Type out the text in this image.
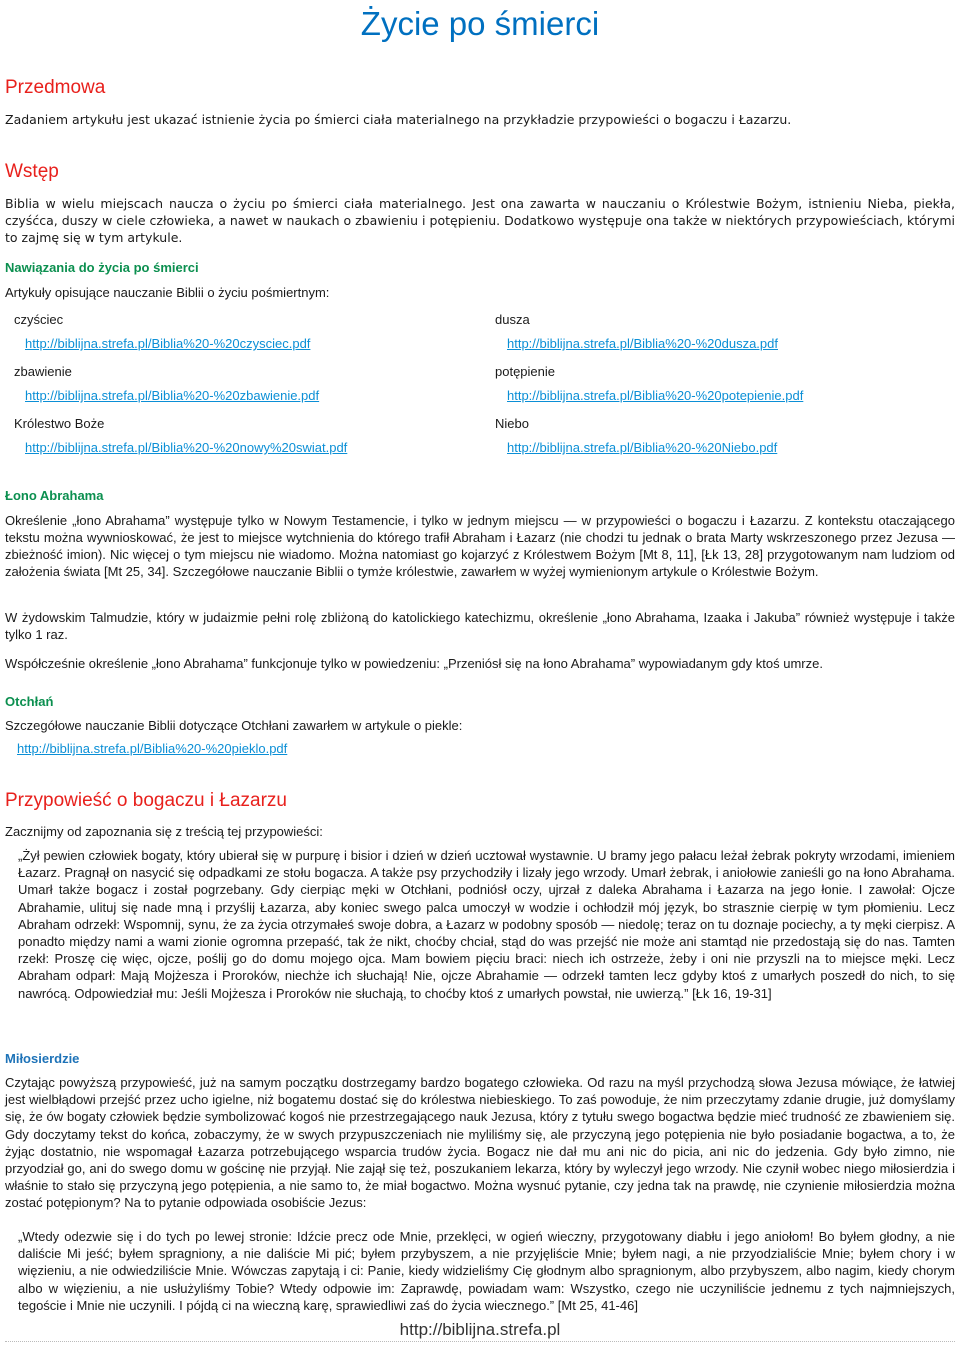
Życie po śmierci
Przedmowa
Zadaniem artykułu jest ukazać istnienie życia po śmierci ciała materialnego na przykładzie przypowieści o bogaczu i Łazarzu.
Wstęp
Biblia w wielu miejscach naucza o życiu po śmierci ciała materialnego. Jest ona zawarta w nauczaniu o Królestwie Bożym, istnieniu Nieba, piekła, czyśćca, duszy w ciele człowieka, a nawet w naukach o zbawieniu i potępieniu. Dodatkowo występuje ona także w niektórych przypowieściach, którymi to zajmę się w tym artykule.
Nawiązania do życia po śmierci
Artykuły opisujące nauczanie Biblii o życiu pośmiertnym:
czyściec
http://biblijna.strefa.pl/Biblia%20-%20czysciec.pdf
zbawienie
http://biblijna.strefa.pl/Biblia%20-%20zbawienie.pdf
Królestwo Boże
http://biblijna.strefa.pl/Biblia%20-%20nowy%20swiat.pdf
dusza
http://biblijna.strefa.pl/Biblia%20-%20dusza.pdf
potępienie
http://biblijna.strefa.pl/Biblia%20-%20potepienie.pdf
Niebo
http://biblijna.strefa.pl/Biblia%20-%20Niebo.pdf
Łono Abrahama
Określenie „łono Abrahama” występuje tylko w Nowym Testamencie, i tylko w jednym miejscu — w przypowieści o bogaczu i Łazarzu. Z kontekstu otaczającego tekstu można wywnioskować, że jest to miejsce wytchnienia do którego trafił Abraham i Łazarz (nie chodzi tu jednak o brata Marty wskrzeszonego przez Jezusa — zbieżność imion). Nic więcej o tym miejscu nie wiadomo. Można natomiast go kojarzyć z Królestwem Bożym [Mt 8, 11], [Łk 13, 28] przygotowanym nam ludziom od założenia świata [Mt 25, 34]. Szczegółowe nauczanie Biblii o tymże królestwie, zawarłem w wyżej wymienionym artykule o Królestwie Bożym.
W żydowskim Talmudzie, który w judaizmie pełni rolę zbliżoną do katolickiego katechizmu, określenie „łono Abrahama, Izaaka i Jakuba” również występuje i także tylko 1 raz.
Współcześnie określenie „łono Abrahama” funkcjonuje tylko w powiedzeniu: „Przeniósł się na łono Abrahama” wypowiadanym gdy ktoś umrze.
Otchłań
Szczegółowe nauczanie Biblii dotyczące Otchłani zawarłem w artykule o piekle:
http://biblijna.strefa.pl/Biblia%20-%20pieklo.pdf
Przypowieść o bogaczu i Łazarzu
Zacznijmy od zapoznania się z treścią tej przypowieści:
„Żył pewien człowiek bogaty, który ubierał się w purpurę i bisior i dzień w dzień ucztował wystawnie. U bramy jego pałacu leżał żebrak pokryty wrzodami, imieniem Łazarz. Pragnął on nasycić się odpadkami ze stołu bogacza. A także psy przychodziły i lizały jego wrzody. Umarł żebrak, i aniołowie zanieśli go na łono Abrahama. Umarł także bogacz i został pogrzebany. Gdy cierpiąc męki w Otchłani, podniósł oczy, ujrzał z daleka Abrahama i Łazarza na jego łonie. I zawołał: Ojcze Abrahamie, ulituj się nade mną i przyślij Łazarza, aby koniec swego palca umoczył w wodzie i ochłodził mój język, bo strasznie cierpię w tym płomieniu. Lecz Abraham odrzekł: Wspomnij, synu, że za życia otrzymałeś swoje dobra, a Łazarz w podobny sposób — niedolę; teraz on tu doznaje pociechy, a ty męki cierpisz. A ponadto między nami a wami zionie ogromna przepaść, tak że nikt, choćby chciał, stąd do was przejść nie może ani stamtąd nie przedostają się do nas. Tamten rzekł: Proszę cię więc, ojcze, poślij go do domu mojego ojca. Mam bowiem pięciu braci: niech ich ostrzeże, żeby i oni nie przyszli na to miejsce męki. Lecz Abraham odparł: Mają Mojżesza i Proroków, niechże ich słuchają! Nie, ojcze Abrahamie — odrzekł tamten lecz gdyby ktoś z umarłych poszedł do nich, to się nawrócą. Odpowiedział mu: Jeśli Mojżesza i Proroków nie słuchają, to choćby ktoś z umarłych powstał, nie uwierzą.” [Łk 16, 19-31]
Miłosierdzie
Czytając powyższą przypowieść, już na samym początku dostrzegamy bardzo bogatego człowieka. Od razu na myśl przychodzą słowa Jezusa mówiące, że łatwiej jest wielbłądowi przejść przez ucho igielne, niż bogatemu dostać się do królestwa niebieskiego. To zaś powoduje, że nim przeczytamy zdanie drugie, już domyślamy się, że ów bogaty człowiek będzie symbolizować kogoś nie przestrzegającego nauk Jezusa, który z tytułu swego bogactwa będzie mieć trudność ze zbawieniem się. Gdy doczytamy tekst do końca, zobaczymy, że w swych przypuszczeniach nie myliliśmy się, ale przyczyną jego potępienia nie było posiadanie bogactwa, a to, że żyjąc dostatnio, nie wspomagał Łazarza potrzebującego wsparcia trudów życia. Bogacz nie dał mu ani nic do picia, ani nic do jedzenia. Gdy było zimno, nie przyodział go, ani do swego domu w gościnę nie przyjął. Nie zajął się też, poszukaniem lekarza, który by wyleczył jego wrzody. Nie czynił wobec niego miłosierdzia i właśnie to stało się przyczyną jego potępienia, a nie samo to, że miał bogactwo. Można wysnuć pytanie, czy jedna tak na prawdę, nie czynienie miłosierdzia można zostać potępionym? Na to pytanie odpowiada osobiście Jezus:
„Wtedy odezwie się i do tych po lewej stronie: Idźcie precz ode Mnie, przeklęci, w ogień wieczny, przygotowany diabłu i jego aniołom! Bo byłem głodny, a nie daliście Mi jeść; byłem spragniony, a nie daliście Mi pić; byłem przybyszem, a nie przyjęliście Mnie; byłem nagi, a nie przyodzialiście Mnie; byłem chory i w więzieniu, a nie odwiedziliście Mnie. Wówczas zapytają i ci: Panie, kiedy widzieliśmy Cię głodnym albo spragnionym, albo przybyszem, albo nagim, kiedy chorym albo w więzieniu, a nie usłużyliśmy Tobie? Wtedy odpowie im: Zaprawdę, powiadam wam: Wszystko, czego nie uczyniliście jednemu z tych najmniejszych, tegoście i Mnie nie uczynili. I pójdą ci na wieczną karę, sprawiedliwi zaś do życia wiecznego.” [Mt 25, 41-46]
http://biblijna.strefa.pl
